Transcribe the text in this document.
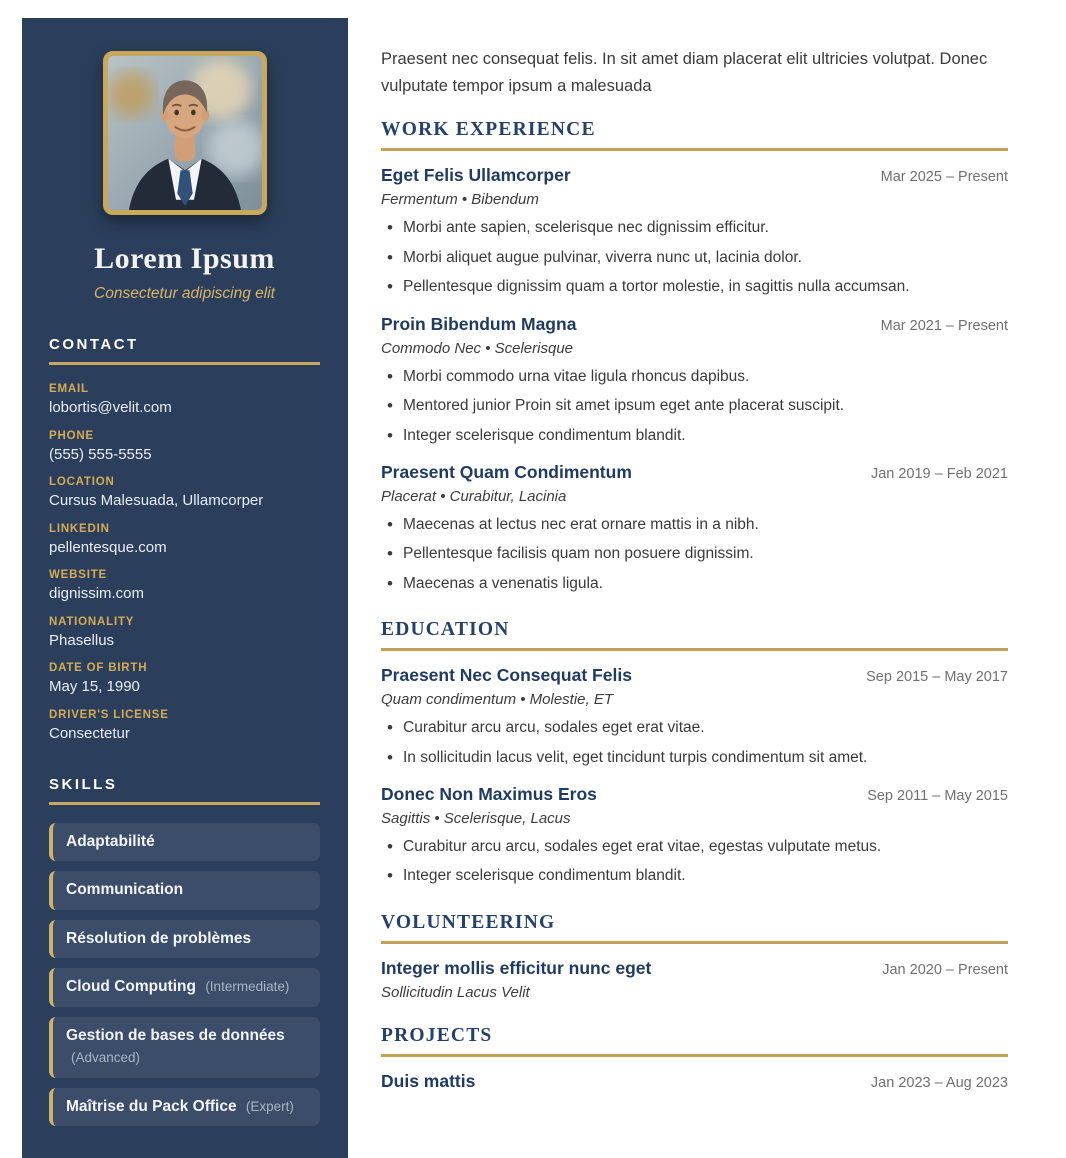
Lorem Ipsum
Consectetur adipiscing elit
CONTACT
EMAIL
lobortis@velit.com
PHONE
(555) 555-5555
LOCATION
Cursus Malesuada, Ullamcorper
LINKEDIN
pellentesque.com
WEBSITE
dignissim.com
NATIONALITY
Phasellus
DATE OF BIRTH
May 15, 1990
DRIVER'S LICENSE
Consectetur
SKILLS
Adaptabilité
Communication
Résolution de problèmes
Cloud Computing (Intermediate)
Gestion de bases de données (Advanced)
Maîtrise du Pack Office (Expert)

Praesent nec consequat felis. In sit amet diam placerat elit ultricies volutpat. Donec vulputate tempor ipsum a malesuada

WORK EXPERIENCE
Eget Felis Ullamcorper	Mar 2025 – Present
Fermentum • Bibendum
• Morbi ante sapien, scelerisque nec dignissim efficitur.
• Morbi aliquet augue pulvinar, viverra nunc ut, lacinia dolor.
• Pellentesque dignissim quam a tortor molestie, in sagittis nulla accumsan.
Proin Bibendum Magna	Mar 2021 – Present
Commodo Nec • Scelerisque
• Morbi commodo urna vitae ligula rhoncus dapibus.
• Mentored junior Proin sit amet ipsum eget ante placerat suscipit.
• Integer scelerisque condimentum blandit.
Praesent Quam Condimentum	Jan 2019 – Feb 2021
Placerat • Curabitur, Lacinia
• Maecenas at lectus nec erat ornare mattis in a nibh.
• Pellentesque facilisis quam non posuere dignissim.
• Maecenas a venenatis ligula.
EDUCATION
Praesent Nec Consequat Felis	Sep 2015 – May 2017
Quam condimentum • Molestie, ET
• Curabitur arcu arcu, sodales eget erat vitae.
• In sollicitudin lacus velit, eget tincidunt turpis condimentum sit amet.
Donec Non Maximus Eros	Sep 2011 – May 2015
Sagittis • Scelerisque, Lacus
• Curabitur arcu arcu, sodales eget erat vitae, egestas vulputate metus.
• Integer scelerisque condimentum blandit.
VOLUNTEERING
Integer mollis efficitur nunc eget	Jan 2020 – Present
Sollicitudin Lacus Velit
PROJECTS
Duis mattis	Jan 2023 – Aug 2023
